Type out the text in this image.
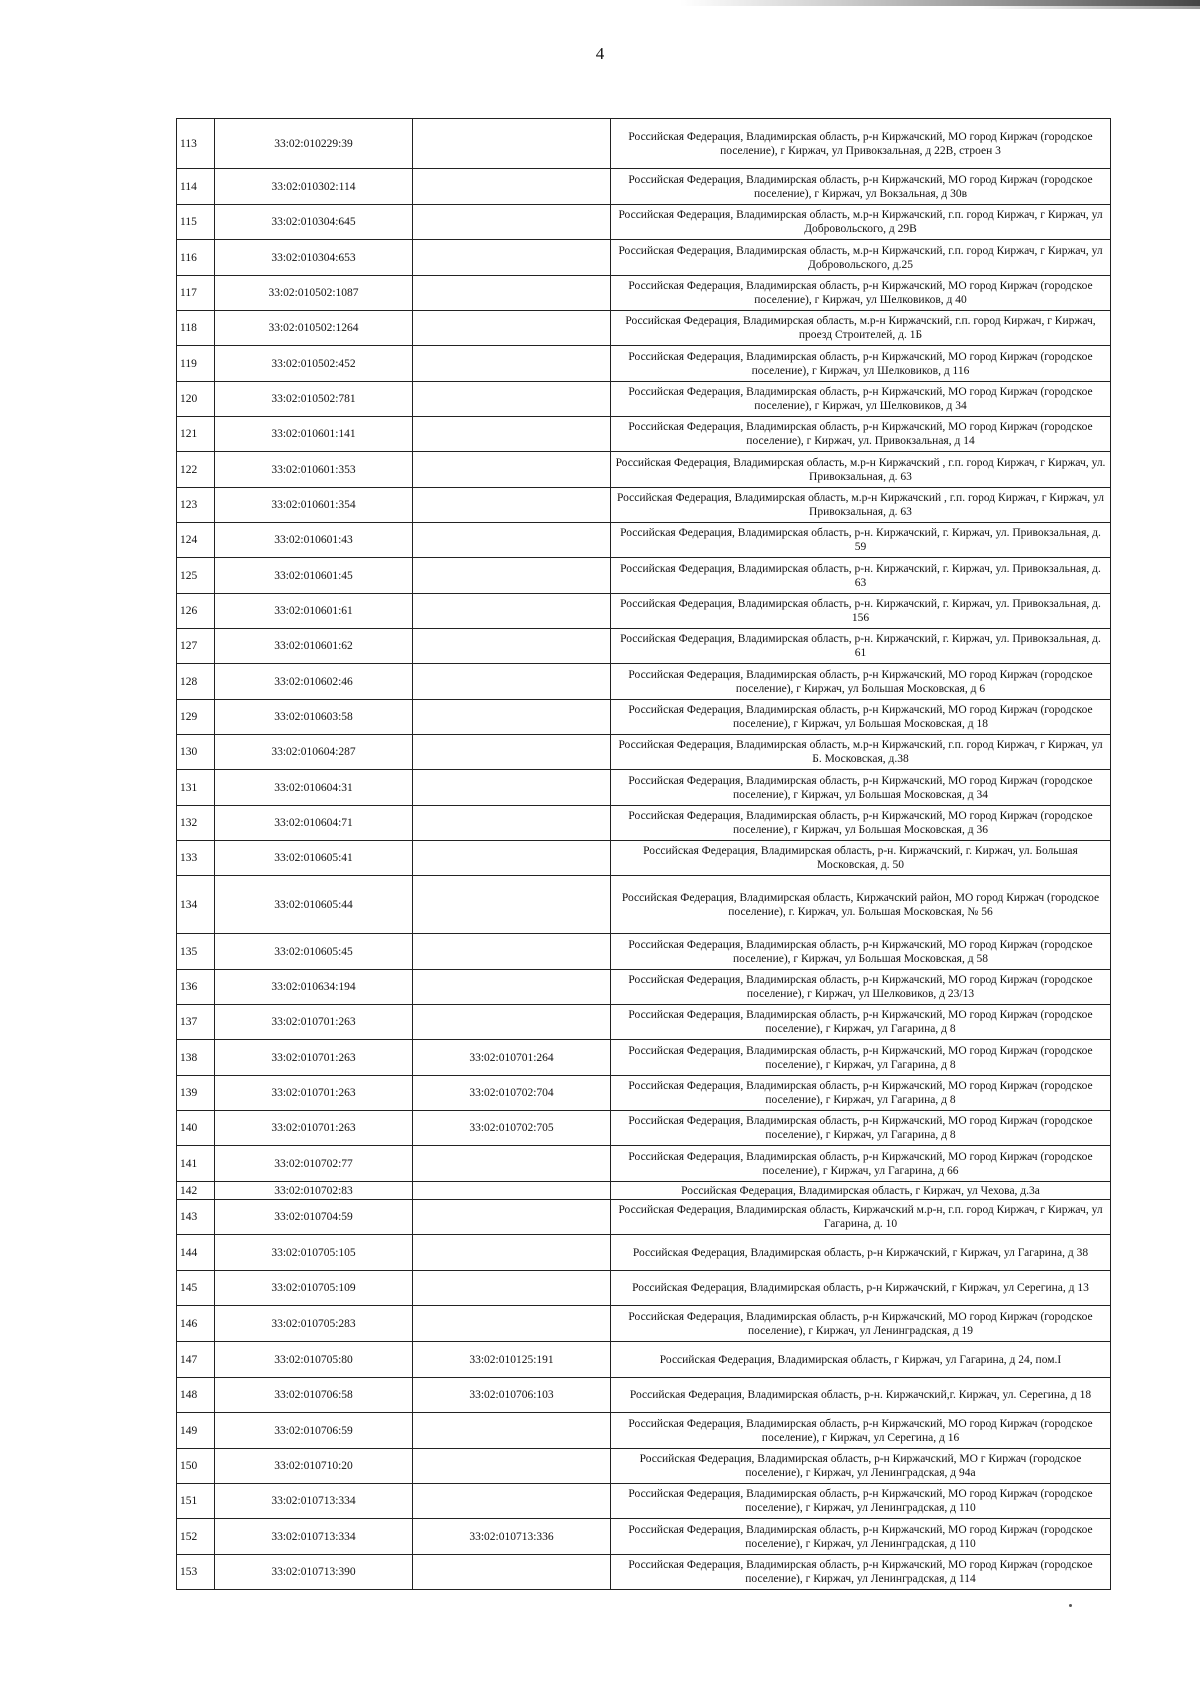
4
113	33:02:010229:39		Российская Федерация, Владимирская область, р-н Киржачский, МО город Киржач (городское поселение), г Киржач, ул Привокзальная, д 22В, строен 3
114	33:02:010302:114		Российская Федерация, Владимирская область, р-н Киржачский, МО город Киржач (городское поселение), г Киржач, ул Вокзальная, д 30в
115	33:02:010304:645		Российская Федерация, Владимирская область, м.р-н Киржачский, г.п. город Киржач, г Киржач, ул Добровольского, д 29В
116	33:02:010304:653		Российская Федерация, Владимирская область, м.р-н Киржачский, г.п. город Киржач, г Киржач, ул Добровольского, д.25
117	33:02:010502:1087		Российская Федерация, Владимирская область, р-н Киржачский, МО город Киржач (городское поселение), г Киржач, ул Шелковиков, д 40
118	33:02:010502:1264		Российская Федерация, Владимирская область, м.р-н Киржачский, г.п. город Киржач, г Киржач, проезд Строителей, д. 1Б
119	33:02:010502:452		Российская Федерация, Владимирская область, р-н Киржачский, МО город Киржач (городское поселение), г Киржач, ул Шелковиков, д 116
120	33:02:010502:781		Российская Федерация, Владимирская область, р-н Киржачский, МО город Киржач (городское поселение), г Киржач, ул Шелковиков, д 34
121	33:02:010601:141		Российская Федерация, Владимирская область, р-н Киржачский, МО город Киржач (городское поселение), г Киржач, ул. Привокзальная, д 14
122	33:02:010601:353		Российская Федерация, Владимирская область, м.р-н Киржачский , г.п. город Киржач, г Киржач, ул. Привокзальная, д. 63
123	33:02:010601:354		Российская Федерация, Владимирская область, м.р-н Киржачский , г.п. город Киржач, г Киржач, ул Привокзальная, д. 63
124	33:02:010601:43		Российская Федерация, Владимирская область, р-н. Киржачский, г. Киржач, ул. Привокзальная, д. 59
125	33:02:010601:45		Российская Федерация, Владимирская область, р-н. Киржачский, г. Киржач, ул. Привокзальная, д. 63
126	33:02:010601:61		Российская Федерация, Владимирская область, р-н. Киржачский, г. Киржач, ул. Привокзальная, д. 156
127	33:02:010601:62		Российская Федерация, Владимирская область, р-н. Киржачский, г. Киржач, ул. Привокзальная, д. 61
128	33:02:010602:46		Российская Федерация, Владимирская область, р-н Киржачский, МО город Киржач (городское поселение), г Киржач, ул Большая Московская, д 6
129	33:02:010603:58		Российская Федерация, Владимирская область, р-н Киржачский, МО город Киржач (городское поселение), г Киржач, ул Большая Московская, д 18
130	33:02:010604:287		Российская Федерация, Владимирская область, м.р-н Киржачский, г.п. город Киржач, г Киржач, ул Б. Московская, д.38
131	33:02:010604:31		Российская Федерация, Владимирская область, р-н Киржачский, МО город Киржач (городское поселение), г Киржач, ул Большая Московская, д 34
132	33:02:010604:71		Российская Федерация, Владимирская область, р-н Киржачский, МО город Киржач (городское поселение), г Киржач, ул Большая Московская, д 36
133	33:02:010605:41		Российская Федерация, Владимирская область, р-н. Киржачский, г. Киржач, ул. Большая Московская, д. 50
134	33:02:010605:44		Российская Федерация, Владимирская область, Киржачский район, МО город Киржач (городское поселение), г. Киржач, ул. Большая Московская, № 56
135	33:02:010605:45		Российская Федерация, Владимирская область, р-н Киржачский, МО город Киржач (городское поселение), г Киржач, ул Большая Московская, д 58
136	33:02:010634:194		Российская Федерация, Владимирская область, р-н Киржачский, МО город Киржач (городское поселение), г Киржач, ул Шелковиков, д 23/13
137	33:02:010701:263		Российская Федерация, Владимирская область, р-н Киржачский, МО город Киржач (городское поселение), г Киржач, ул Гагарина, д 8
138	33:02:010701:263	33:02:010701:264	Российская Федерация, Владимирская область, р-н Киржачский, МО город Киржач (городское поселение), г Киржач, ул Гагарина, д 8
139	33:02:010701:263	33:02:010702:704	Российская Федерация, Владимирская область, р-н Киржачский, МО город Киржач (городское поселение), г Киржач, ул Гагарина, д 8
140	33:02:010701:263	33:02:010702:705	Российская Федерация, Владимирская область, р-н Киржачский, МО город Киржач (городское поселение), г Киржач, ул Гагарина, д 8
141	33:02:010702:77		Российская Федерация, Владимирская область, р-н Киржачский, МО город Киржач (городское поселение), г Киржач, ул Гагарина, д 66
142	33:02:010702:83		Российская Федерация, Владимирская область, г Киржач, ул Чехова, д.3а
143	33:02:010704:59		Российская Федерация, Владимирская область, Киржачский м.р-н, г.п. город Киржач, г Киржач, ул Гагарина, д. 10
144	33:02:010705:105		Российская Федерация, Владимирская область, р-н Киржачский, г Киржач, ул Гагарина, д 38
145	33:02:010705:109		Российская Федерация, Владимирская область, р-н Киржачский, г Киржач, ул Серегина, д 13
146	33:02:010705:283		Российская Федерация, Владимирская область, р-н Киржачский, МО город Киржач (городское поселение), г Киржач, ул Ленинградская, д 19
147	33:02:010705:80	33:02:010125:191	Российская Федерация, Владимирская область, г Киржач, ул Гагарина, д 24, пом.I
148	33:02:010706:58	33:02:010706:103	Российская Федерация, Владимирская область, р-н. Киржачский,г. Киржач, ул. Серегина, д 18
149	33:02:010706:59		Российская Федерация, Владимирская область, р-н Киржачский, МО город Киржач (городское поселение), г Киржач, ул Серегина, д 16
150	33:02:010710:20		Российская Федерация, Владимирская область, р-н Киржачский, МО г Киржач (городское поселение), г Киржач, ул Ленинградская, д 94а
151	33:02:010713:334		Российская Федерация, Владимирская область, р-н Киржачский, МО город Киржач (городское поселение), г Киржач, ул Ленинградская, д 110
152	33:02:010713:334	33:02:010713:336	Российская Федерация, Владимирская область, р-н Киржачский, МО город Киржач (городское поселение), г Киржач, ул Ленинградская, д 110
153	33:02:010713:390		Российская Федерация, Владимирская область, р-н Киржачский, МО город Киржач (городское поселение), г Киржач, ул Ленинградская, д 114
